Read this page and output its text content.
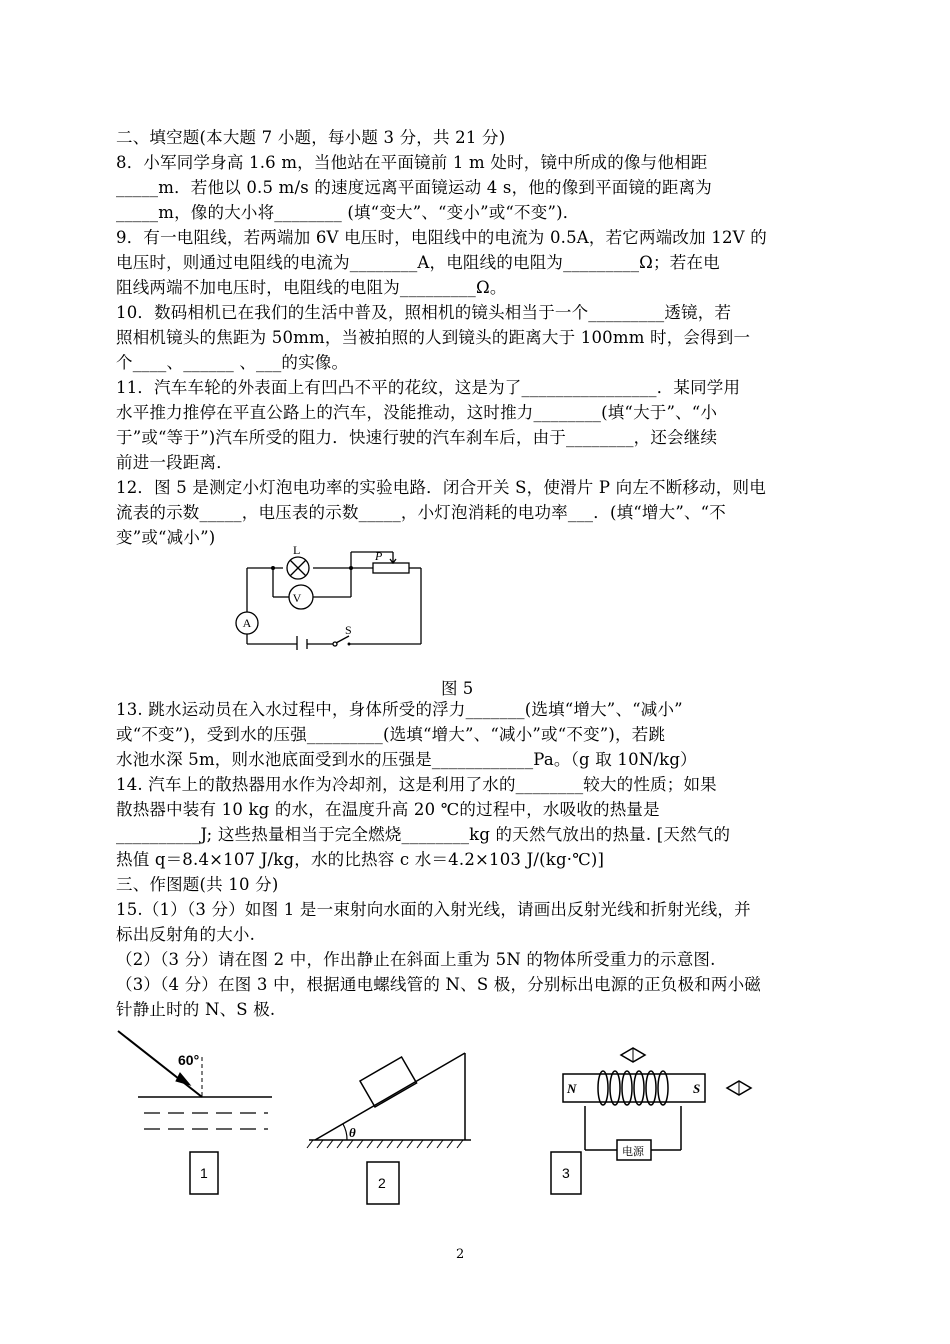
二、填空题(本大题 7 小题，每小题 3 分，共 21 分)
8．小军同学身高 1.6 m，当他站在平面镜前 1 m 处时，镜中所成的像与他相距
_____m．若他以 0.5 m/s 的速度远离平面镜运动 4 s，他的像到平面镜的距离为
_____m，像的大小将________ (填“变大”、“变小”或“不变”)．
9．有一电阻线，若两端加 6V 电压时，电阻线中的电流为 0.5A，若它两端改加 12V 的
电压时，则通过电阻线的电流为________A，电阻线的电阻为_________Ω；若在电
阻线两端不加电压时，电阻线的电阻为_________Ω。
10．数码相机已在我们的生活中普及，照相机的镜头相当于一个_________透镜，若
照相机镜头的焦距为 50mm，当被拍照的人到镜头的距离大于 100mm 时，会得到一
个____、______ 、___的实像。
11．汽车车轮的外表面上有凹凸不平的花纹，这是为了________________．某同学用
水平推力推停在平直公路上的汽车，没能推动，这时推力________(填“大于”、“小
于”或“等于”)汽车所受的阻力．快速行驶的汽车刹车后，由于________，还会继续
前进一段距离．
12．图 5 是测定小灯泡电功率的实验电路．闭合开关 S，使滑片 P 向左不断移动，则电
流表的示数_____，电压表的示数_____，小灯泡消耗的电功率___．(填“增大”、“不
变”或“减小”)
L
V
A	S
P
图 5
13. 跳水运动员在入水过程中，身体所受的浮力_______(选填“增大”、“减小”
或“不变”)，受到水的压强_________(选填“增大”、“减小”或“不变”)，若跳
水池水深 5m，则水池底面受到水的压强是____________Pa。（g 取 10N/kg）
14. 汽车上的散热器用水作为冷却剂，这是利用了水的________较大的性质；如果
散热器中装有 10 kg 的水，在温度升高 20 ℃的过程中，水吸收的热量是
__________J; 这些热量相当于完全燃烧________kg 的天然气放出的热量. [天然气的
热值 q＝8.4×107 J/kg，水的比热容 c 水＝4.2×103 J/(kg·℃)]
三、作图题(共 10 分)
15.（1）（3 分）如图 1 是一束射向水面的入射光线，请画出反射光线和折射光线，并
标出反射角的大小.
（2）（3 分）请在图 2 中，作出静止在斜面上重为 5N 的物体所受重力的示意图.
（3）（4 分）在图 3 中，根据通电螺线管的 N、S 极，分别标出电源的正负极和两小磁
针静止时的 N、S 极.
60°
1
θ
2
N	S
电源
3
2
